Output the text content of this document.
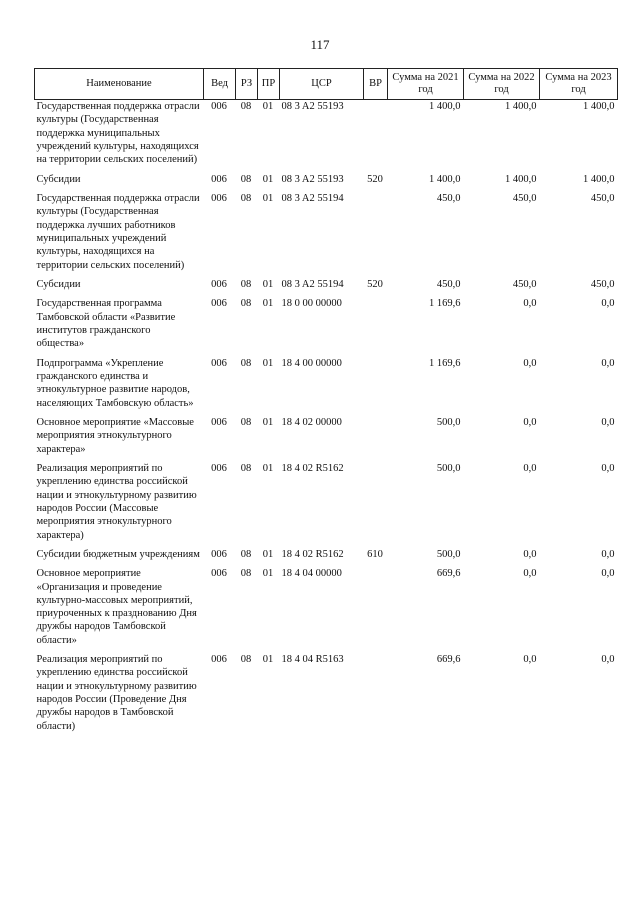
117
Наименование	Вед	РЗ	ПР	ЦСР	ВР	Сумма на 2021 год	Сумма на 2022 год	Сумма на 2023 год
Государственная поддержка отрасли культуры (Государственная поддержка муниципальных учреждений культуры, находящихся на территории сельских поселений)	006	08	01	08 3 A2 55193		1 400,0	1 400,0	1 400,0
Субсидии	006	08	01	08 3 A2 55193	520	1 400,0	1 400,0	1 400,0
Государственная поддержка отрасли культуры (Государственная поддержка лучших работников муниципальных учреждений культуры, находящихся на территории сельских поселений)	006	08	01	08 3 A2 55194		450,0	450,0	450,0
Субсидии	006	08	01	08 3 A2 55194	520	450,0	450,0	450,0
Государственная программа Тамбовской области «Развитие институтов гражданского общества»	006	08	01	18 0 00 00000		1 169,6	0,0	0,0
Подпрограмма «Укрепление гражданского единства и этнокультурное развитие народов, населяющих Тамбовскую область»	006	08	01	18 4 00 00000		1 169,6	0,0	0,0
Основное мероприятие «Массовые мероприятия этнокультурного характера»	006	08	01	18 4 02 00000		500,0	0,0	0,0
Реализация мероприятий по укреплению единства российской нации и этнокультурному развитию народов России (Массовые мероприятия этнокультурного характера)	006	08	01	18 4 02 R5162		500,0	0,0	0,0
Субсидии бюджетным учреждениям	006	08	01	18 4 02 R5162	610	500,0	0,0	0,0
Основное мероприятие «Организация и проведение культурно-массовых мероприятий, приуроченных к празднованию Дня дружбы народов Тамбовской области»	006	08	01	18 4 04 00000		669,6	0,0	0,0
Реализация мероприятий по укреплению единства российской нации и этнокультурному развитию народов России (Проведение Дня дружбы народов в Тамбовской области)	006	08	01	18 4 04 R5163		669,6	0,0	0,0
